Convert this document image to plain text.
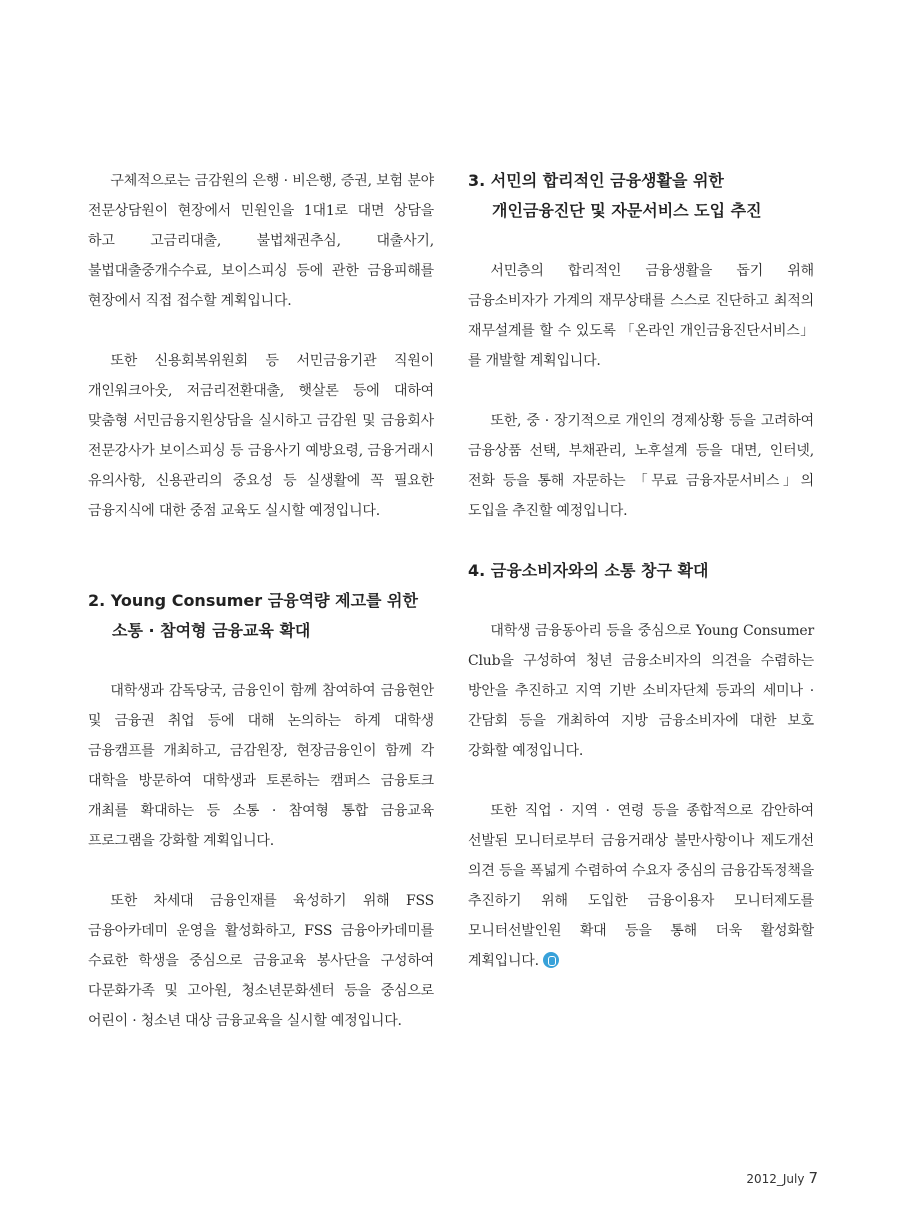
구체적으로는 금감원의 은행 · 비은행, 증권, 보험 분야 전문상담원이 현장에서 민원인을 1대1로 대면 상담을 하고 고금리대출, 불법채권추심, 대출사기, 불법대출중개수수료, 보이스피싱 등에 관한 금융피해를 현장에서 직접 접수할 계획입니다.

또한 신용회복위원회 등 서민금융기관 직원이 개인워크아웃, 저금리전환대출, 햇살론 등에 대하여 맞춤형 서민금융지원상담을 실시하고 금감원 및 금융회사 전문강사가 보이스피싱 등 금융사기 예방요령, 금융거래시 유의사항, 신용관리의 중요성 등 실생활에 꼭 필요한 금융지식에 대한 중점 교육도 실시할 예정입니다.

2. Young Consumer 금융역량 제고를 위한 소통 · 참여형 금융교육 확대

대학생과 감독당국, 금융인이 함께 참여하여 금융현안 및 금융권 취업 등에 대해 논의하는 하계 대학생 금융캠프를 개최하고, 금감원장, 현장금융인이 함께 각 대학을 방문하여 대학생과 토론하는 캠퍼스 금융토크 개최를 확대하는 등 소통 · 참여형 통합 금융교육 프로그램을 강화할 계획입니다.

또한 차세대 금융인재를 육성하기 위해 FSS 금융아카데미 운영을 활성화하고, FSS 금융아카데미를 수료한 학생을 중심으로 금융교육 봉사단을 구성하여 다문화가족 및 고아원, 청소년문화센터 등을 중심으로 어린이 · 청소년 대상 금융교육을 실시할 예정입니다.

3. 서민의 합리적인 금융생활을 위한 개인금융진단 및 자문서비스 도입 추진

서민층의 합리적인 금융생활을 돕기 위해 금융소비자가 가계의 재무상태를 스스로 진단하고 최적의 재무설계를 할 수 있도록 「온라인 개인금융진단서비스」를 개발할 계획입니다.

또한, 중 · 장기적으로 개인의 경제상황 등을 고려하여 금융상품 선택, 부채관리, 노후설계 등을 대면, 인터넷, 전화 등을 통해 자문하는 「무료 금융자문서비스」의 도입을 추진할 예정입니다.

4. 금융소비자와의 소통 창구 확대

대학생 금융동아리 등을 중심으로 Young Consumer Club을 구성하여 청년 금융소비자의 의견을 수렴하는 방안을 추진하고 지역 기반 소비자단체 등과의 세미나 · 간담회 등을 개최하여 지방 금융소비자에 대한 보호 강화할 예정입니다.

또한 직업 · 지역 · 연령 등을 종합적으로 감안하여 선발된 모니터로부터 금융거래상 불만사항이나 제도개선 의견 등을 폭넓게 수렴하여 수요자 중심의 금융감독정책을 추진하기 위해 도입한 금융이용자 모니터제도를 모니터선발인원 확대 등을 통해 더욱 활성화할 계획입니다.

2012_July 7
